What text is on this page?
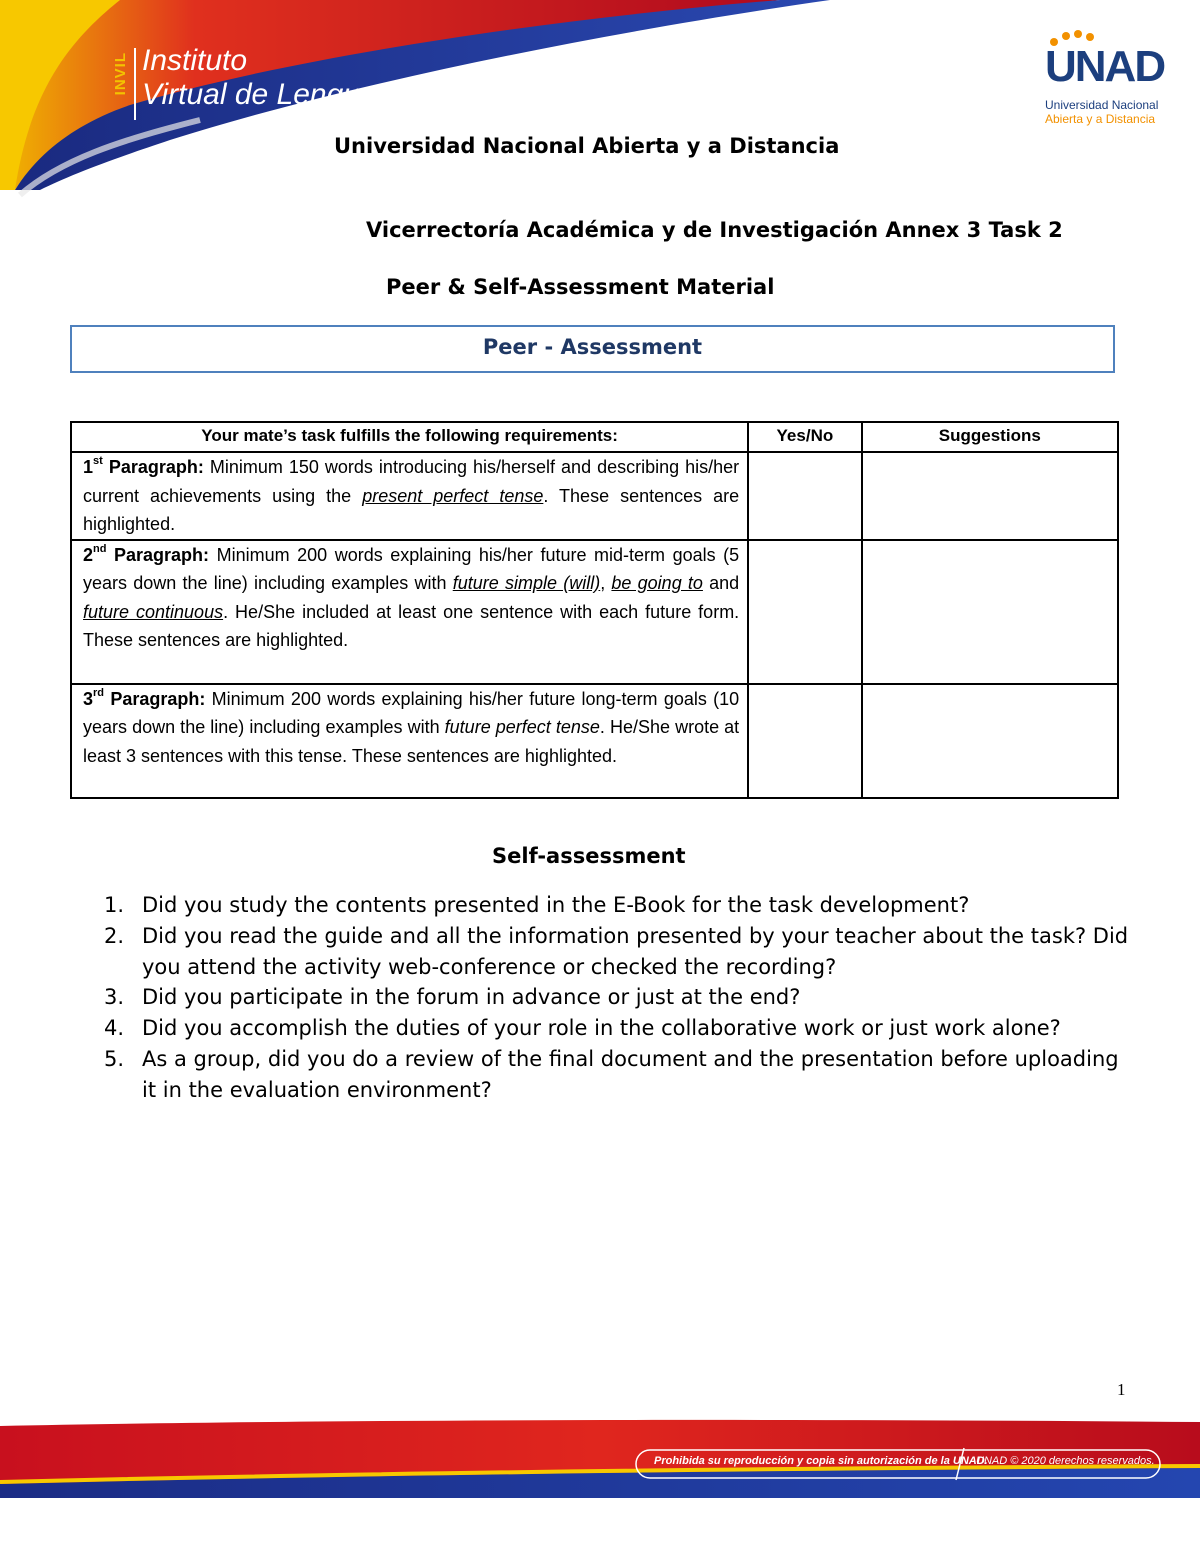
INVIL Instituto
Virtual de Lenguas
UNAD
Universidad Nacional
Abierta y a Distancia
Universidad Nacional Abierta y a Distancia
Vicerrectoría Académica y de Investigación Annex 3 Task 2
Peer & Self-Assessment Material
Peer - Assessment
Your mate’s task fulfills the following requirements:	Yes/No	Suggestions
1st Paragraph: Minimum 150 words introducing his/herself and describing his/her current achievements using the present perfect tense. These sentences are highlighted.		
2nd Paragraph: Minimum 200 words explaining his/her future mid-term goals (5 years down the line) including examples with future simple (will), be going to and future continuous. He/She included at least one sentence with each future form. These sentences are highlighted.		
3rd Paragraph: Minimum 200 words explaining his/her future long-term goals (10 years down the line) including examples with future perfect tense. He/She wrote at least 3 sentences with this tense. These sentences are highlighted.		
Self-assessment
1. Did you study the contents presented in the E-Book for the task development?
2. Did you read the guide and all the information presented by your teacher about the task? Did you attend the activity web-conference or checked the recording?
3. Did you participate in the forum in advance or just at the end?
4. Did you accomplish the duties of your role in the collaborative work or just work alone?
5. As a group, did you do a review of the final document and the presentation before uploading it in the evaluation environment?
1
Prohibida su reproducción y copia sin autorización de la UNAD.
UNAD © 2020 derechos reservados.
